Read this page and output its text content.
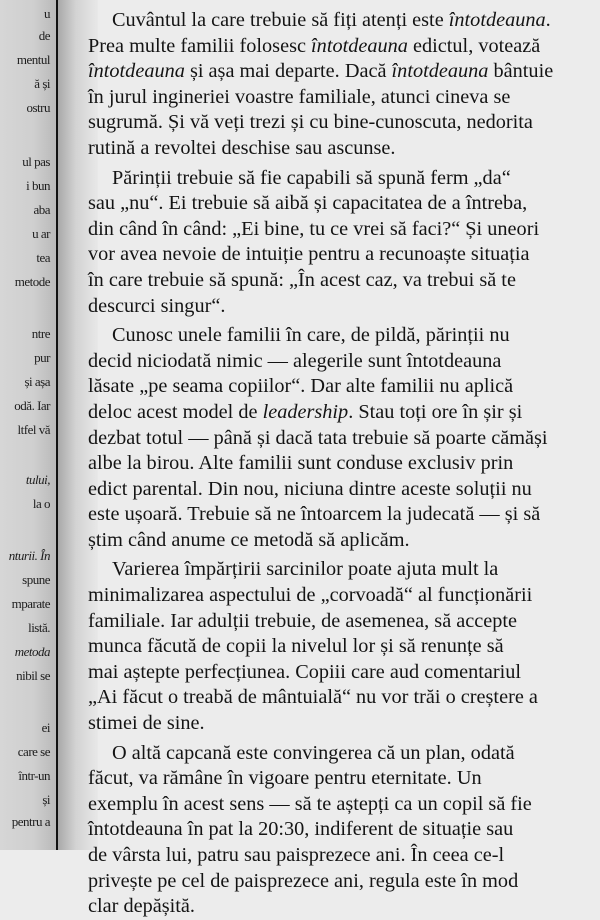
u
de
mentul
ă și
ostru
ul pas
i bun
aba
u ar
tea
metode
ntre
pur
și așa
odă. Iar
ltfel vă
tului,
la o
nturii. În
spune
mparate
listă.
metoda
nibil se
ei
care se
într-un
și
pentru a
Cuvântul la care trebuie să fiți atenți este întotdeauna.
Prea multe familii folosesc întotdeauna edictul, votează
întotdeauna și așa mai departe. Dacă întotdeauna bântuie
în jurul ingineriei voastre familiale, atunci cineva se
sugrumă. Și vă veți trezi și cu bine-cunoscuta, nedorita
rutină a revoltei deschise sau ascunse.
Părinții trebuie să fie capabili să spună ferm „da“
sau „nu“. Ei trebuie să aibă și capacitatea de a întreba,
din când în când: „Ei bine, tu ce vrei să faci?“ Și uneori
vor avea nevoie de intuiție pentru a recunoaște situația
în care trebuie să spună: „În acest caz, va trebui să te
descurci singur“.
Cunosc unele familii în care, de pildă, părinții nu
decid niciodată nimic — alegerile sunt întotdeauna
lăsate „pe seama copiilor“. Dar alte familii nu aplică
deloc acest model de leadership. Stau toți ore în șir și
dezbat totul — până și dacă tata trebuie să poarte cămăși
albe la birou. Alte familii sunt conduse exclusiv prin
edict parental. Din nou, niciuna dintre aceste soluții nu
este ușoară. Trebuie să ne întoarcem la judecată — și să
știm când anume ce metodă să aplicăm.
Varierea împărțirii sarcinilor poate ajuta mult la
minimalizarea aspectului de „corvoadă“ al funcționării
familiale. Iar adulții trebuie, de asemenea, să accepte
munca făcută de copii la nivelul lor și să renunțe să
mai aștepte perfecțiunea. Copiii care aud comentariul
„Ai făcut o treabă de mântuială“ nu vor trăi o creștere a
stimei de sine.
O altă capcană este convingerea că un plan, odată
făcut, va rămâne în vigoare pentru eternitate. Un
exemplu în acest sens — să te aștepți ca un copil să fie
întotdeauna în pat la 20:30, indiferent de situație sau
de vârsta lui, patru sau paisprezece ani. În ceea ce-l
privește pe cel de paisprezece ani, regula este în mod
clar depășită.
